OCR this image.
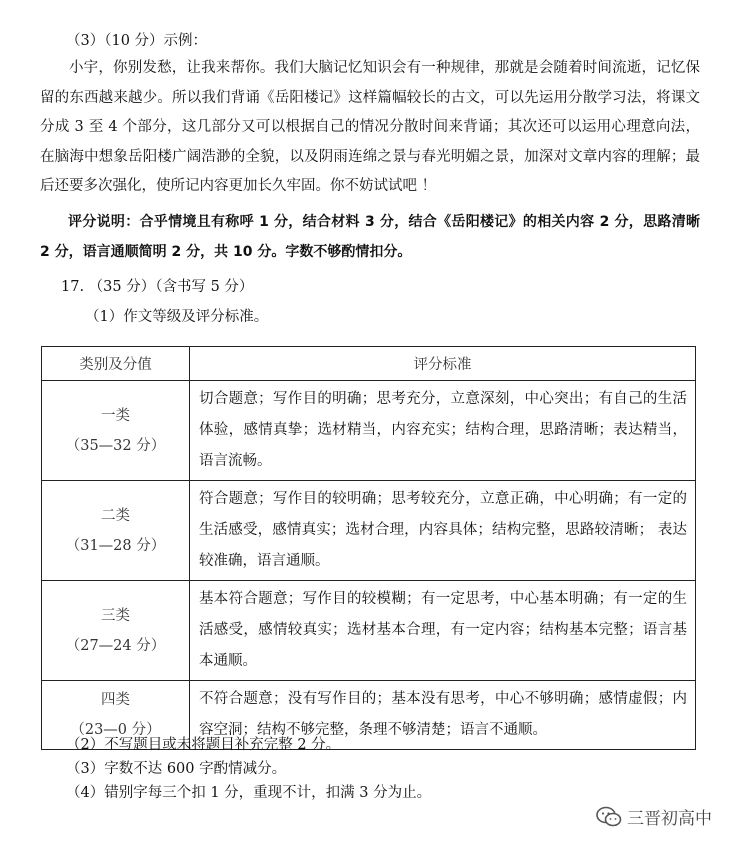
（3）（10 分）示例：
小宇，你别发愁，让我来帮你。我们大脑记忆知识会有一种规律，那就是会随着时间流逝，记忆保留的东西越来越少。所以我们背诵《岳阳楼记》这样篇幅较长的古文，可以先运用分散学习法，将课文分成 3 至 4 个部分，这几部分又可以根据自己的情况分散时间来背诵；其次还可以运用心理意向法，在脑海中想象岳阳楼广阔浩渺的全貌，以及阴雨连绵之景与春光明媚之景，加深对文章内容的理解；最后还要多次强化，使所记内容更加长久牢固。你不妨试试吧 ！
评分说明：合乎情境且有称呼 1 分，结合材料 3 分，结合《岳阳楼记》的相关内容 2 分，思路清晰 2 分，语言通顺简明 2 分，共 10 分。字数不够酌情扣分。
17. （35 分）（含书写 5 分）
（1）作文等级及评分标准。
类别及分值	评分标准

一类
（35—32 分）	切合题意；写作目的明确；思考充分，立意深刻，中心突出；有自己的生活体验，感情真挚；选材精当，内容充实；结构合理，思路清晰；表达精当，语言流畅。

二类
（31—28 分）	符合题意；写作目的较明确；思考较充分，立意正确，中心明确；有一定的生活感受，感情真实；选材合理，内容具体；结构完整，思路较清晰； 表达较准确，语言通顺。

三类
（27—24 分）	基本符合题意；写作目的较模糊；有一定思考，中心基本明确；有一定的生活感受，感情较真实；选材基本合理，有一定内容；结构基本完整；语言基本通顺。

四类
（23—0 分）	不符合题意；没有写作目的；基本没有思考，中心不够明确；感情虚假；内容空洞；结构不够完整，条理不够清楚；语言不通顺。
（2）不写题目或未将题目补充完整 2 分。
（3）字数不达 600 字酌情减分。
（4）错别字每三个扣 1 分，重现不计，扣满 3 分为止。
三晋初高中
